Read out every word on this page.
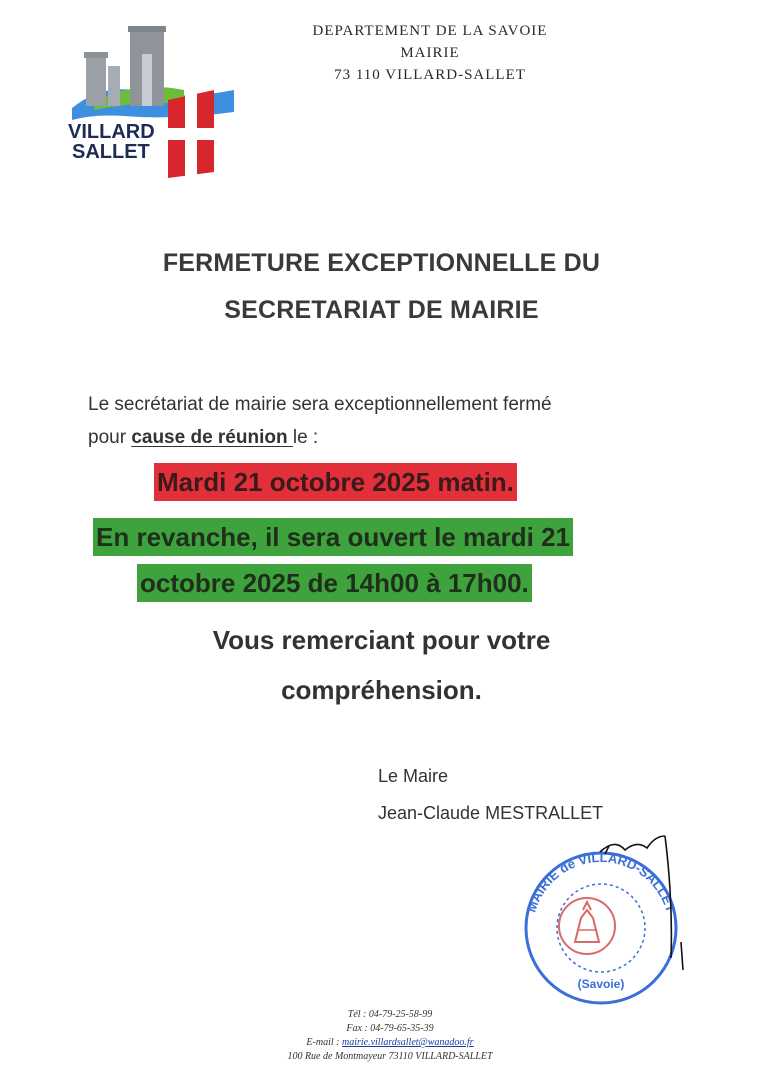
DEPARTEMENT DE LA SAVOIE
MAIRIE
73 110 VILLARD-SALLET
VILLARD
SALLET
FERMETURE EXCEPTIONNELLE DU
SECRETARIAT DE MAIRIE
Le secrétariat de mairie sera exceptionnellement fermé
pour cause de réunion le :
Mardi 21 octobre 2025 matin.
En revanche, il sera ouvert le mardi 21
octobre 2025 de 14h00 à 17h00.
Vous remerciant pour votre
compréhension.
Le Maire
Jean-Claude MESTRALLET
MAIRIE de VILLARD-SALLET
(Savoie)
Tél : 04-79-25-58-99
Fax : 04-79-65-35-39
E-mail : mairie.villardsallet@wanadoo.fr
100 Rue de Montmayeur 73110 VILLARD-SALLET
